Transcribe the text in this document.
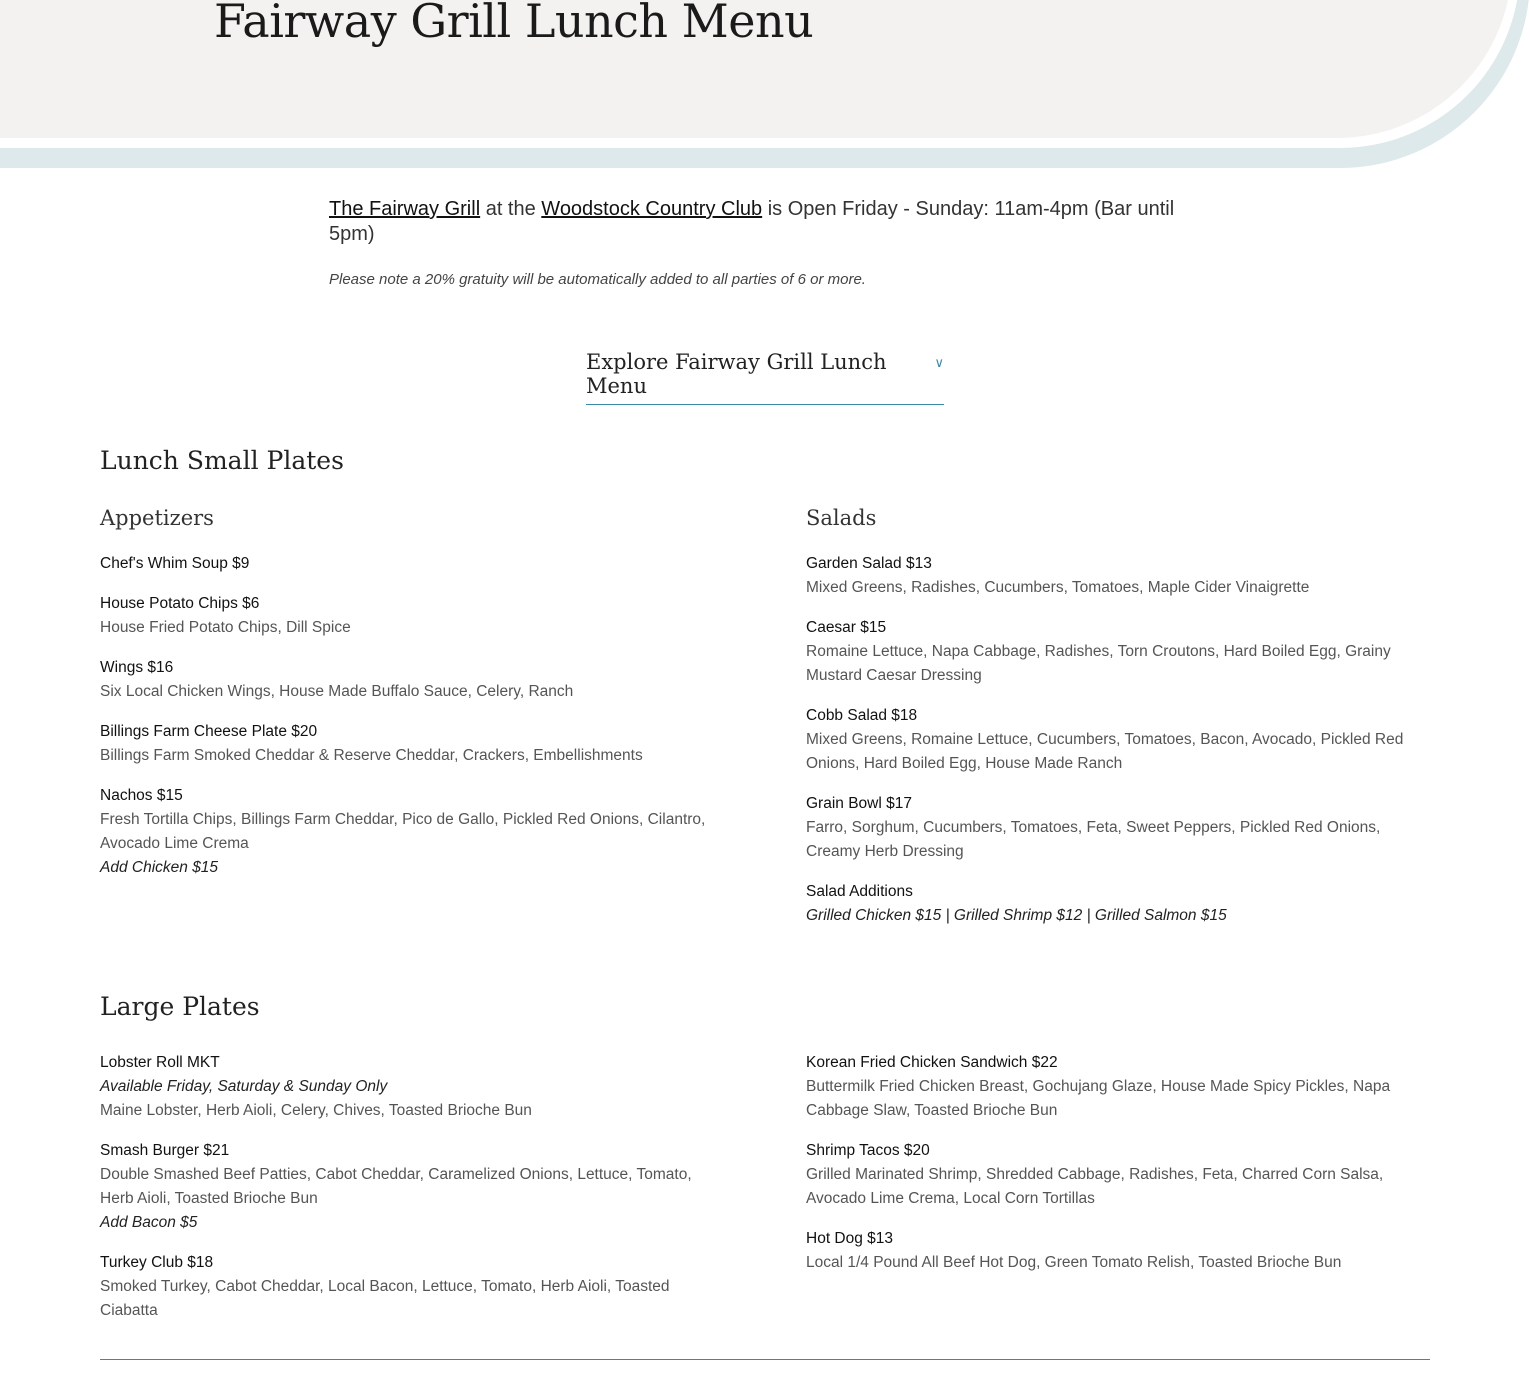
Fairway Grill Lunch Menu

The Fairway Grill at the Woodstock Country Club is Open Friday - Sunday: 11am-4pm (Bar until 5pm)

Please note a 20% gratuity will be automatically added to all parties of 6 or more.

Explore Fairway Grill Lunch Menu
∨
Lunch Small Plates
Appetizers
Chef's Whim Soup $9
House Potato Chips $6
House Fried Potato Chips, Dill Spice
Wings $16
Six Local Chicken Wings, House Made Buffalo Sauce, Celery, Ranch
Billings Farm Cheese Plate $20
Billings Farm Smoked Cheddar & Reserve Cheddar, Crackers, Embellishments
Nachos $15
Fresh Tortilla Chips, Billings Farm Cheddar, Pico de Gallo, Pickled Red Onions, Cilantro, Avocado Lime Crema
Add Chicken $15
Salads
Garden Salad $13
Mixed Greens, Radishes, Cucumbers, Tomatoes, Maple Cider Vinaigrette
Caesar $15
Romaine Lettuce, Napa Cabbage, Radishes, Torn Croutons, Hard Boiled Egg, Grainy Mustard Caesar Dressing
Cobb Salad $18
Mixed Greens, Romaine Lettuce, Cucumbers, Tomatoes, Bacon, Avocado, Pickled Red Onions, Hard Boiled Egg, House Made Ranch
Grain Bowl $17
Farro, Sorghum, Cucumbers, Tomatoes, Feta, Sweet Peppers, Pickled Red Onions, Creamy Herb Dressing
Salad Additions
Grilled Chicken $15 | Grilled Shrimp $12 | Grilled Salmon $15
Large Plates
Lobster Roll MKT
Available Friday, Saturday & Sunday Only
Maine Lobster, Herb Aioli, Celery, Chives, Toasted Brioche Bun
Smash Burger $21
Double Smashed Beef Patties, Cabot Cheddar, Caramelized Onions, Lettuce, Tomato, Herb Aioli, Toasted Brioche Bun
Add Bacon $5
Turkey Club $18
Smoked Turkey, Cabot Cheddar, Local Bacon, Lettuce, Tomato, Herb Aioli, Toasted Ciabatta
Korean Fried Chicken Sandwich $22
Buttermilk Fried Chicken Breast, Gochujang Glaze, House Made Spicy Pickles, Napa Cabbage Slaw, Toasted Brioche Bun
Shrimp Tacos $20
Grilled Marinated Shrimp, Shredded Cabbage, Radishes, Feta, Charred Corn Salsa, Avocado Lime Crema, Local Corn Tortillas
Hot Dog $13
Local 1/4 Pound All Beef Hot Dog, Green Tomato Relish, Toasted Brioche Bun
